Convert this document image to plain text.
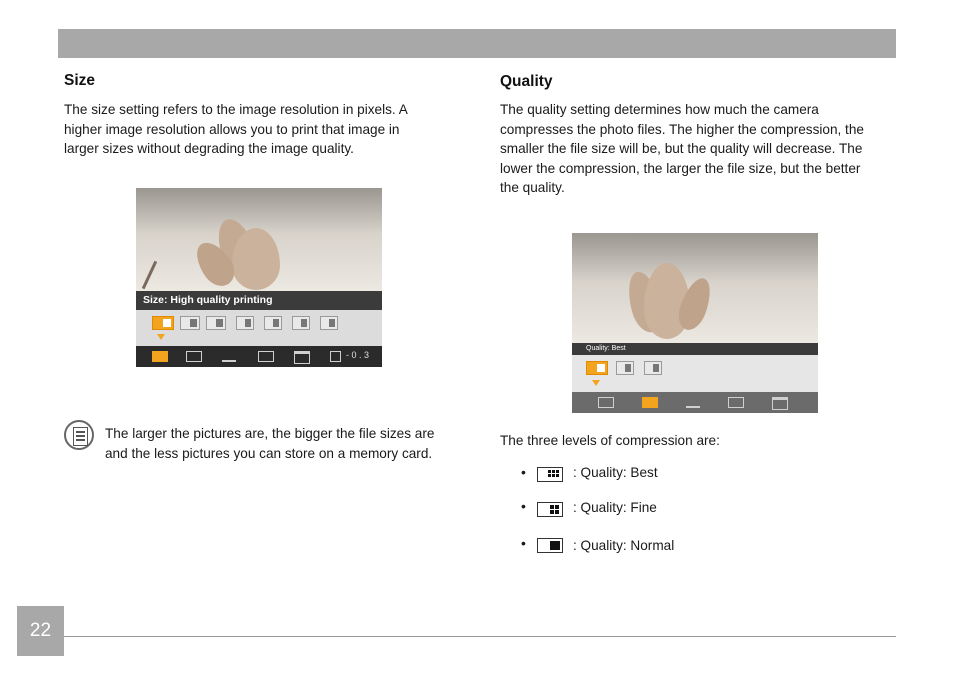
Size
The size setting refers to the image resolution in pixels. A
higher image resolution allows you to print that image in
larger sizes without degrading the image quality.
Size: High quality printing
- 0 . 3
The larger the pictures are, the bigger the file sizes are
and the less pictures you can store on a memory card.
Quality
The quality setting determines how much the camera
compresses the photo files. The higher the compression, the
smaller the file size will be, but the quality will decrease. The
lower the compression, the larger the file size, but the better
the quality.
Quality: Best
The three levels of compression are:
•	: Quality: Best
•	: Quality: Fine
•	: Quality: Normal
22
